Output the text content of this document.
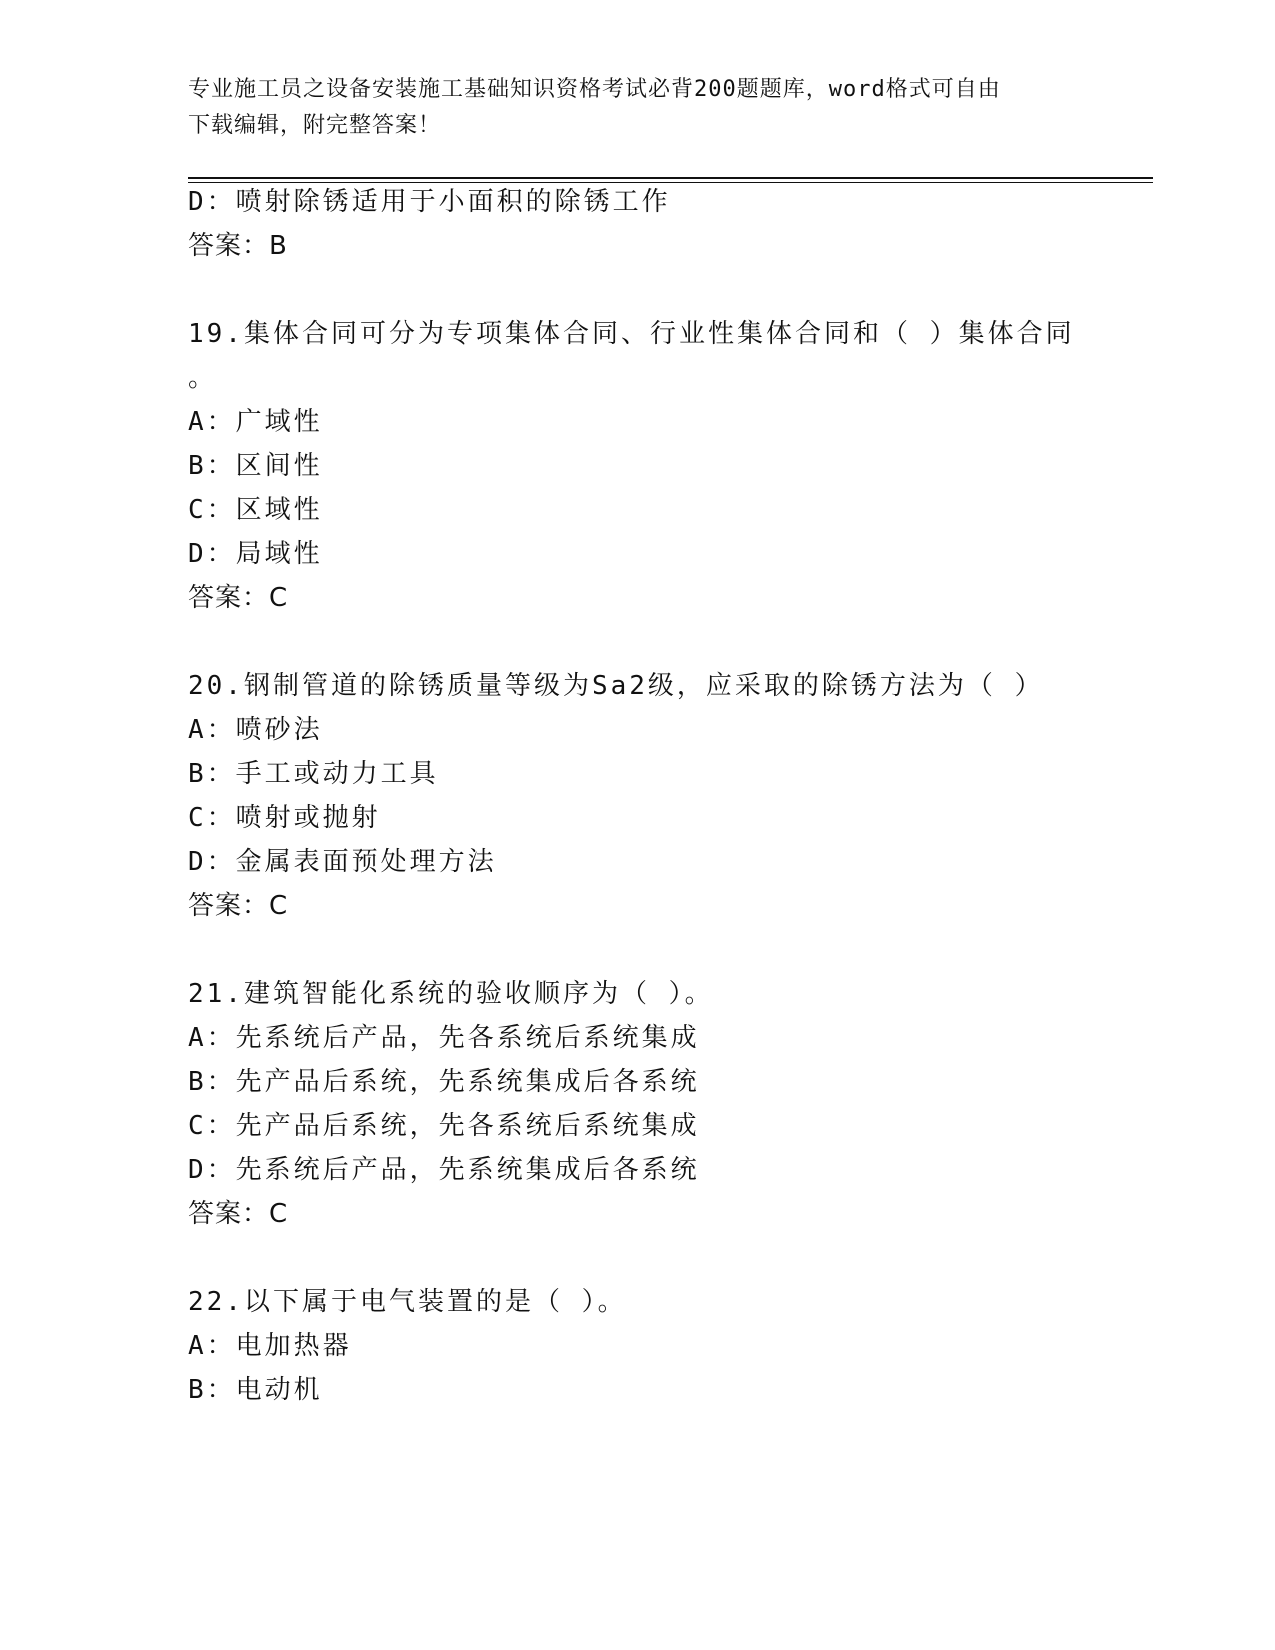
专业施工员之设备安装施工基础知识资格考试必背200题题库，word格式可自由
下载编辑，附完整答案！
D：喷射除锈适用于小面积的除锈工作
答案：B
19.集体合同可分为专项集体合同、行业性集体合同和（ ）集体合同
。
A：广域性
B：区间性
C：区域性
D：局域性
答案：C
20.钢制管道的除锈质量等级为Sa2级，应采取的除锈方法为（ ）
A：喷砂法
B：手工或动力工具
C：喷射或抛射
D：金属表面预处理方法
答案：C
21.建筑智能化系统的验收顺序为（ ）。
A：先系统后产品，先各系统后系统集成
B：先产品后系统，先系统集成后各系统
C：先产品后系统，先各系统后系统集成
D：先系统后产品，先系统集成后各系统
答案：C
22.以下属于电气装置的是（ ）。
A：电加热器
B：电动机
